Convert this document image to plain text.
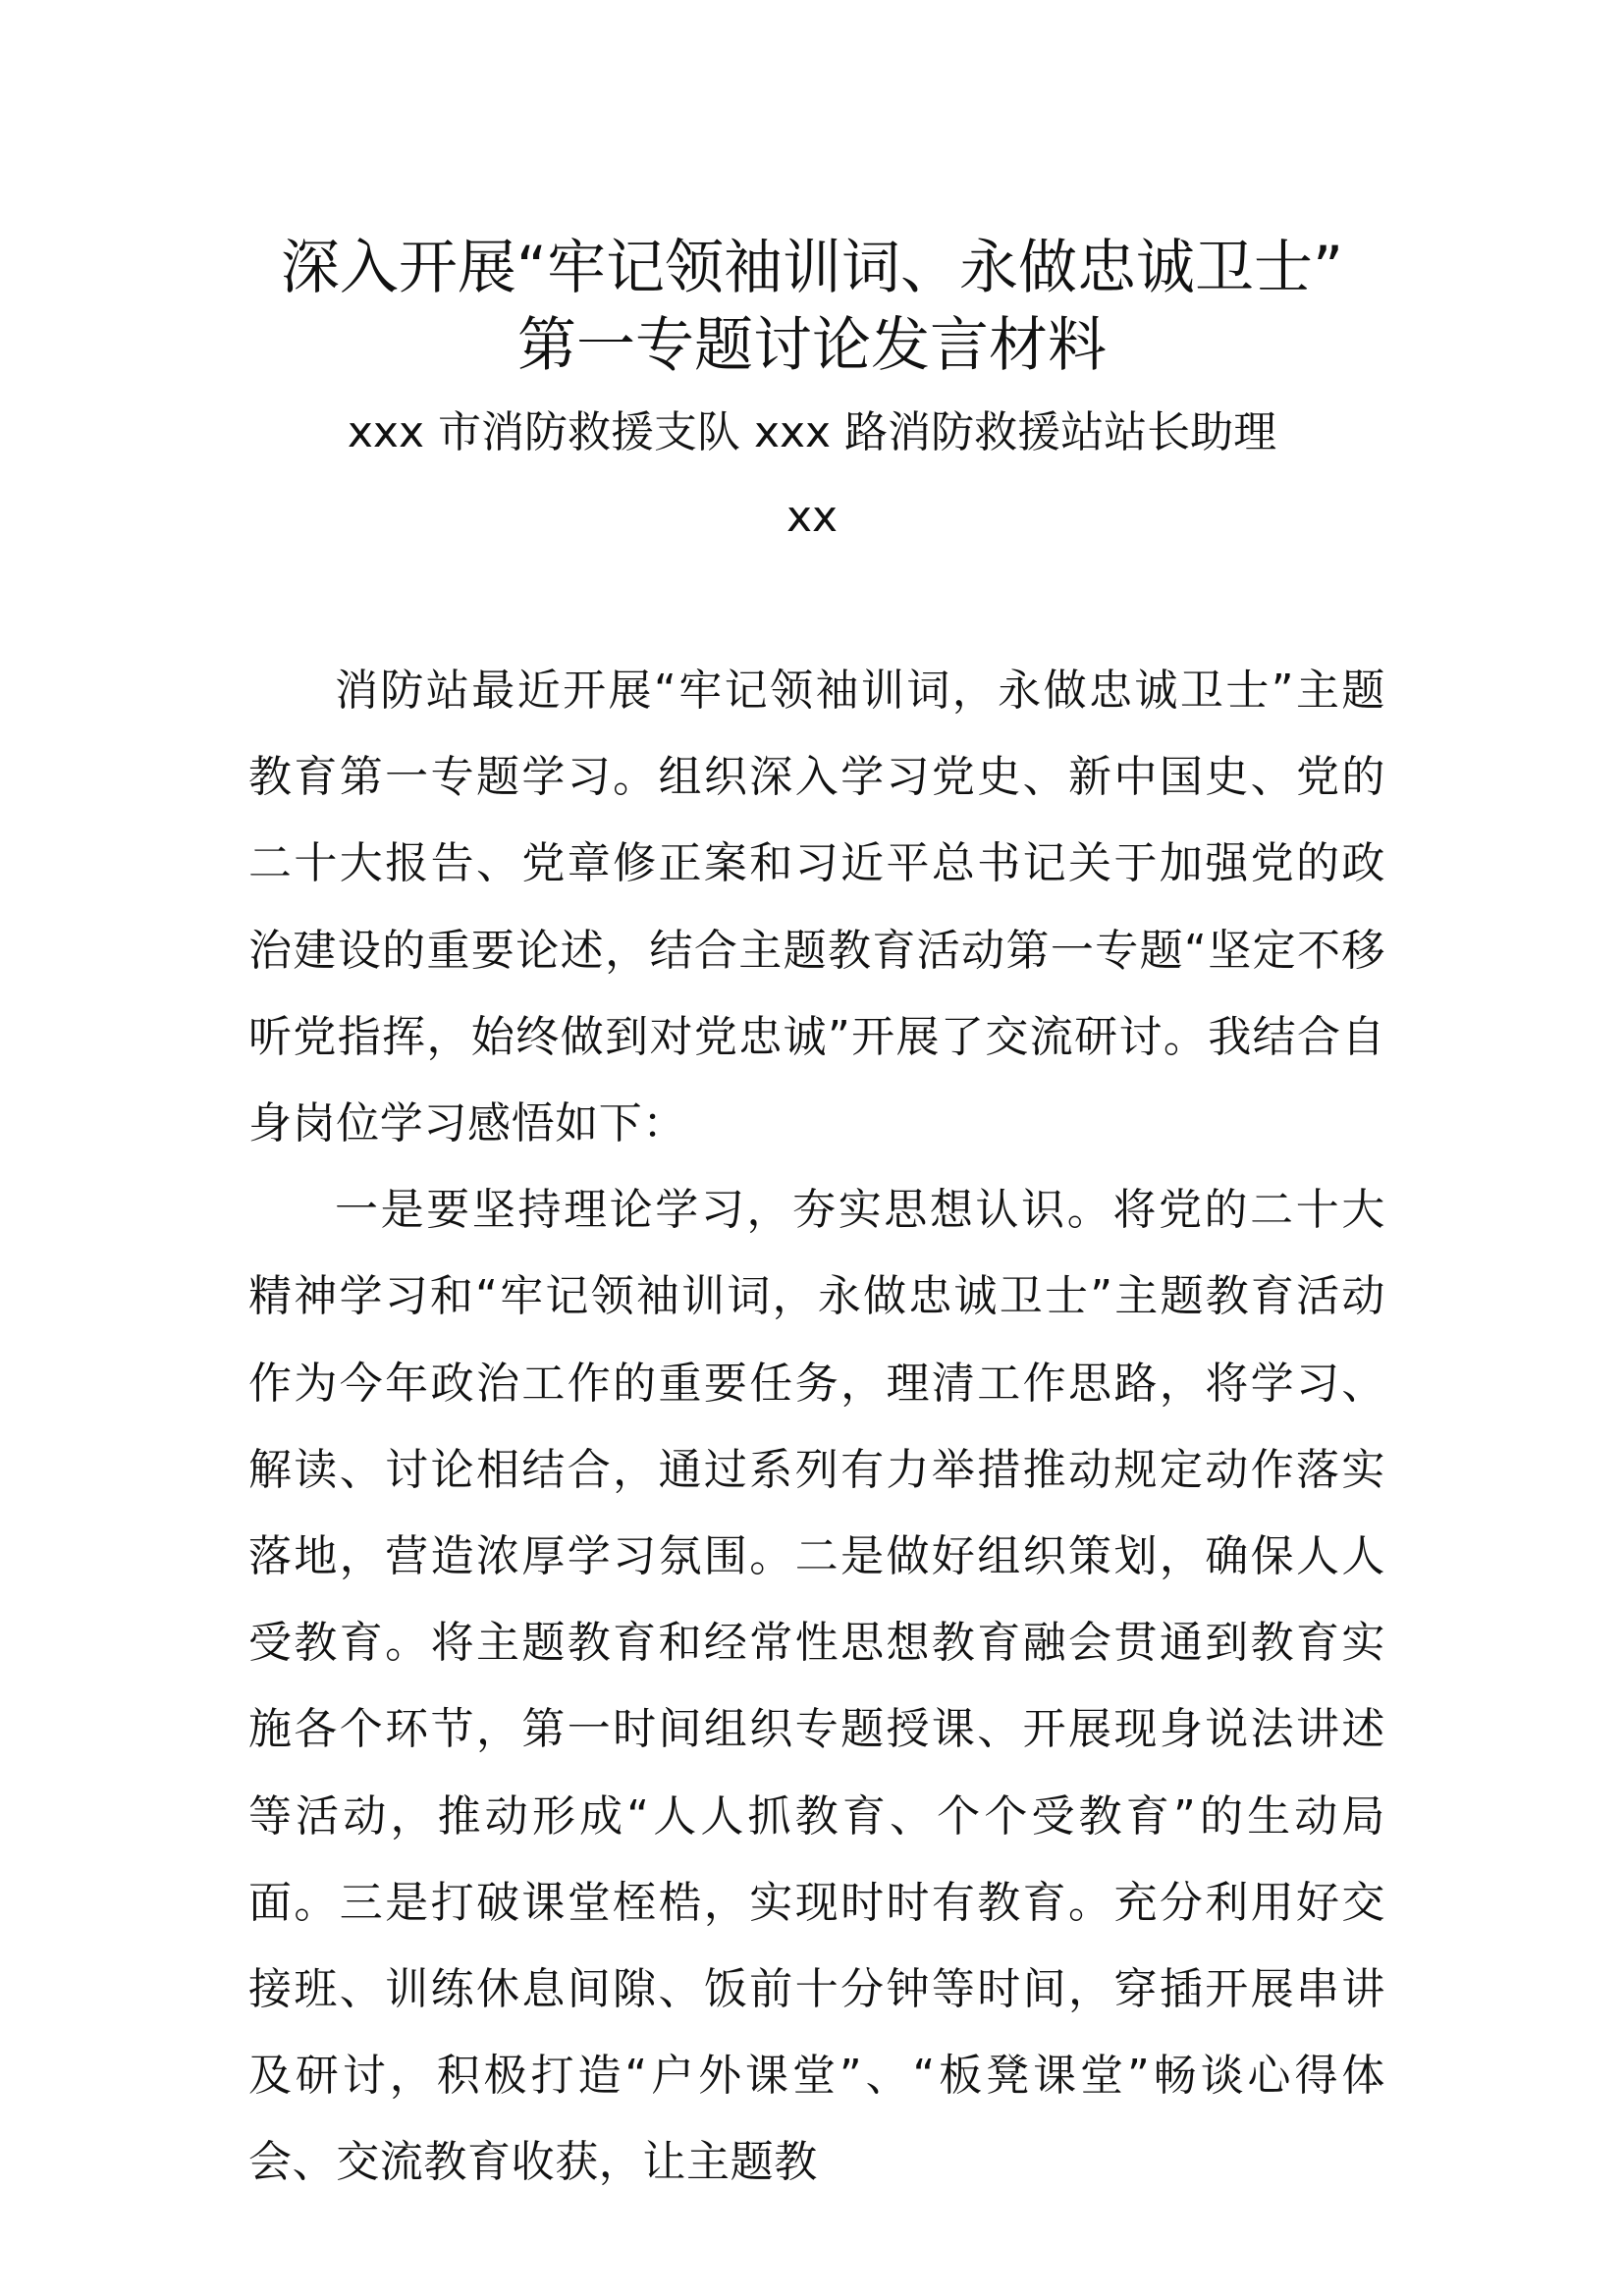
深入开展“牢记领袖训词、永做忠诚卫士”
第一专题讨论发言材料
xxx 市消防救援支队 xxx 路消防救援站站长助理
xx

消防站最近开展“牢记领袖训词，永做忠诚卫士”主题教育第一专题学习。组织深入学习党史、新中国史、党的二十大报告、党章修正案和习近平总书记关于加强党的政治建设的重要论述，结合主题教育活动第一专题“坚定不移听党指挥，始终做到对党忠诚”开展了交流研讨。我结合自身岗位学习感悟如下：

一是要坚持理论学习，夯实思想认识。将党的二十大精神学习和“牢记领袖训词，永做忠诚卫士”主题教育活动作为今年政治工作的重要任务，理清工作思路，将学习、解读、讨论相结合，通过系列有力举措推动规定动作落实落地，营造浓厚学习氛围。二是做好组织策划，确保人人受教育。将主题教育和经常性思想教育融会贯通到教育实施各个环节，第一时间组织专题授课、开展现身说法讲述等活动，推动形成“人人抓教育、个个受教育”的生动局面。三是打破课堂桎梏，实现时时有教育。充分利用好交接班、训练休息间隙、饭前十分钟等时间，穿插开展串讲及研讨，积极打造“户外课堂”、“板凳课堂”畅谈心得体会、交流教育收获，让主题教
